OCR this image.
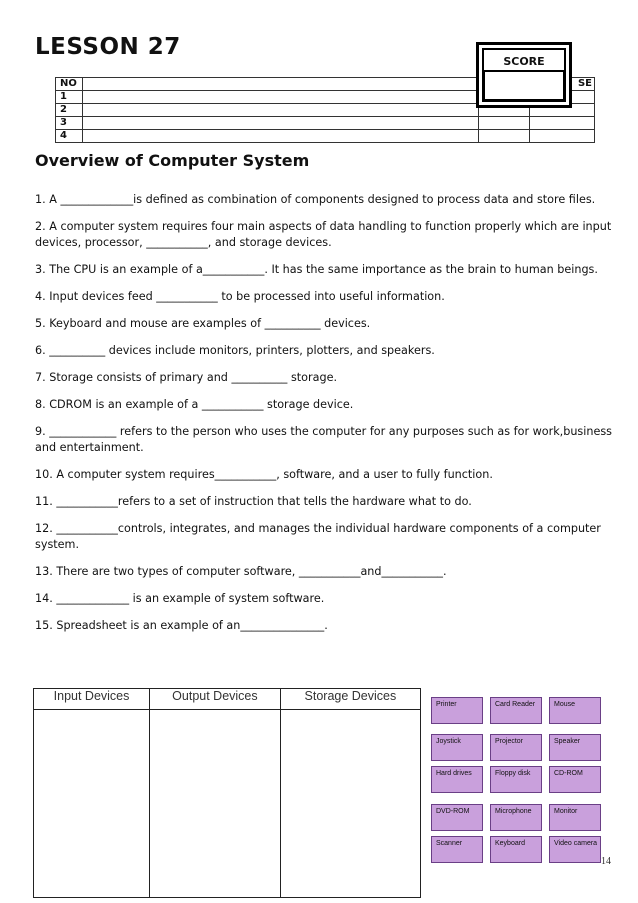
LESSON 27
NO			SE
1			
2			
3			
4			
SCORE
Overview of Computer System
1. A _____________is defined as combination of components designed to process data and store files.
2. A computer system requires four main aspects of data handling to function properly which are input devices, processor, ___________, and storage devices.
3. The CPU is an example of a___________. It has the same importance as the brain to human beings.
4. Input devices feed ___________ to be processed into useful information.
5. Keyboard and mouse are examples of __________ devices.
6. __________ devices include monitors, printers, plotters, and speakers.
7. Storage consists of primary and __________ storage.
8. CDROM is an example of a ___________ storage device.
9. ____________ refers to the person who uses the computer for any purposes such as for work,business and entertainment.
10. A computer system requires___________, software, and a user to fully function.
11. ___________refers to a set of instruction that tells the hardware what to do.
12. ___________controls, integrates, and manages the individual hardware components of a computer system.
13. There are two types of computer software, ___________and___________.
14. _____________ is an example of system software.
15. Spreadsheet is an example of an_______________.
Input Devices	Output Devices	Storage Devices

Printer	Card Reader	Mouse
Joystick	Projector	Speaker
Hard drives	Floppy disk	CD-ROM
DVD-ROM	Microphone	Monitor
Scanner	Keyboard	Video camera
14
